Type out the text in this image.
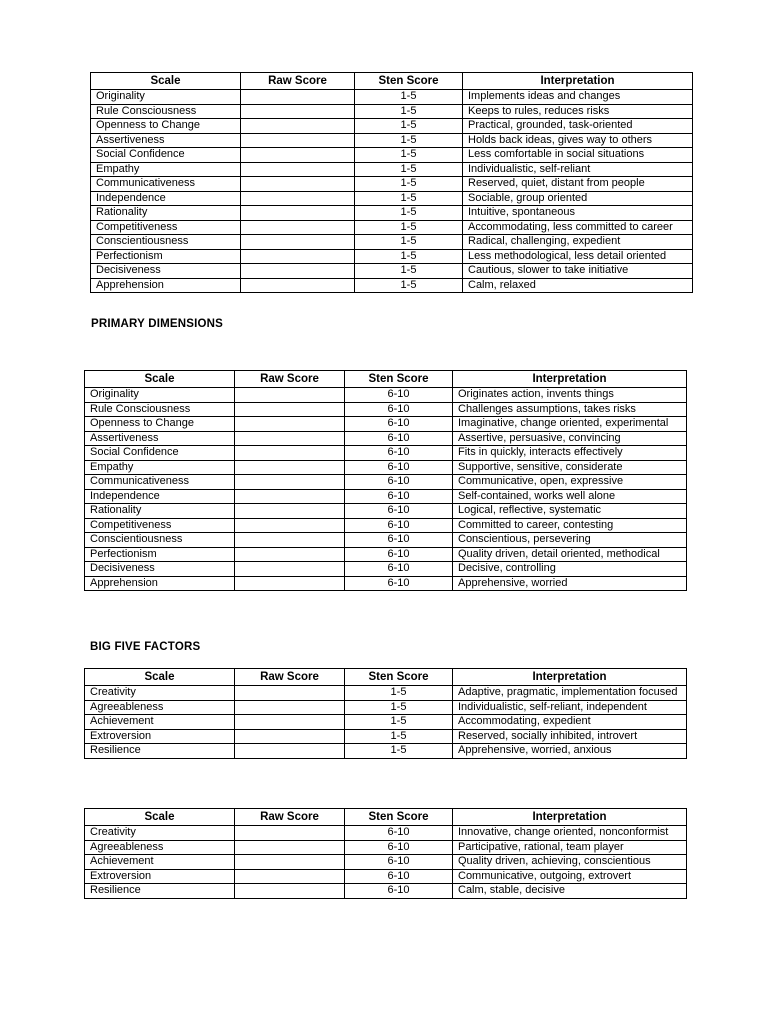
Scale	Raw Score	Sten Score	Interpretation
Originality		1-5	Implements ideas and changes
Rule Consciousness		1-5	Keeps to rules, reduces risks
Openness to Change		1-5	Practical, grounded, task-oriented
Assertiveness		1-5	Holds back ideas, gives way to others
Social Confidence		1-5	Less comfortable in social situations
Empathy		1-5	Individualistic, self-reliant
Communicativeness		1-5	Reserved, quiet, distant from people
Independence		1-5	Sociable, group oriented
Rationality		1-5	Intuitive, spontaneous
Competitiveness		1-5	Accommodating, less committed to career
Conscientiousness		1-5	Radical, challenging, expedient
Perfectionism		1-5	Less methodological, less detail oriented
Decisiveness		1-5	Cautious, slower to take initiative
Apprehension		1-5	Calm, relaxed
PRIMARY DIMENSIONS
Scale	Raw Score	Sten Score	Interpretation
Originality		6-10	Originates action, invents things
Rule Consciousness		6-10	Challenges assumptions, takes risks
Openness to Change		6-10	Imaginative, change oriented, experimental
Assertiveness		6-10	Assertive, persuasive, convincing
Social Confidence		6-10	Fits in quickly, interacts effectively
Empathy		6-10	Supportive, sensitive, considerate
Communicativeness		6-10	Communicative, open, expressive
Independence		6-10	Self-contained, works well alone
Rationality		6-10	Logical, reflective, systematic
Competitiveness		6-10	Committed to career, contesting
Conscientiousness		6-10	Conscientious, persevering
Perfectionism		6-10	Quality driven, detail oriented, methodical
Decisiveness		6-10	Decisive, controlling
Apprehension		6-10	Apprehensive, worried
BIG FIVE FACTORS
Scale	Raw Score	Sten Score	Interpretation
Creativity		1-5	Adaptive, pragmatic, implementation focused
Agreeableness		1-5	Individualistic, self-reliant, independent
Achievement		1-5	Accommodating, expedient
Extroversion		1-5	Reserved, socially inhibited, introvert
Resilience		1-5	Apprehensive, worried, anxious
Scale	Raw Score	Sten Score	Interpretation
Creativity		6-10	Innovative, change oriented, nonconformist
Agreeableness		6-10	Participative, rational, team player
Achievement		6-10	Quality driven, achieving, conscientious
Extroversion		6-10	Communicative, outgoing, extrovert
Resilience		6-10	Calm, stable, decisive
